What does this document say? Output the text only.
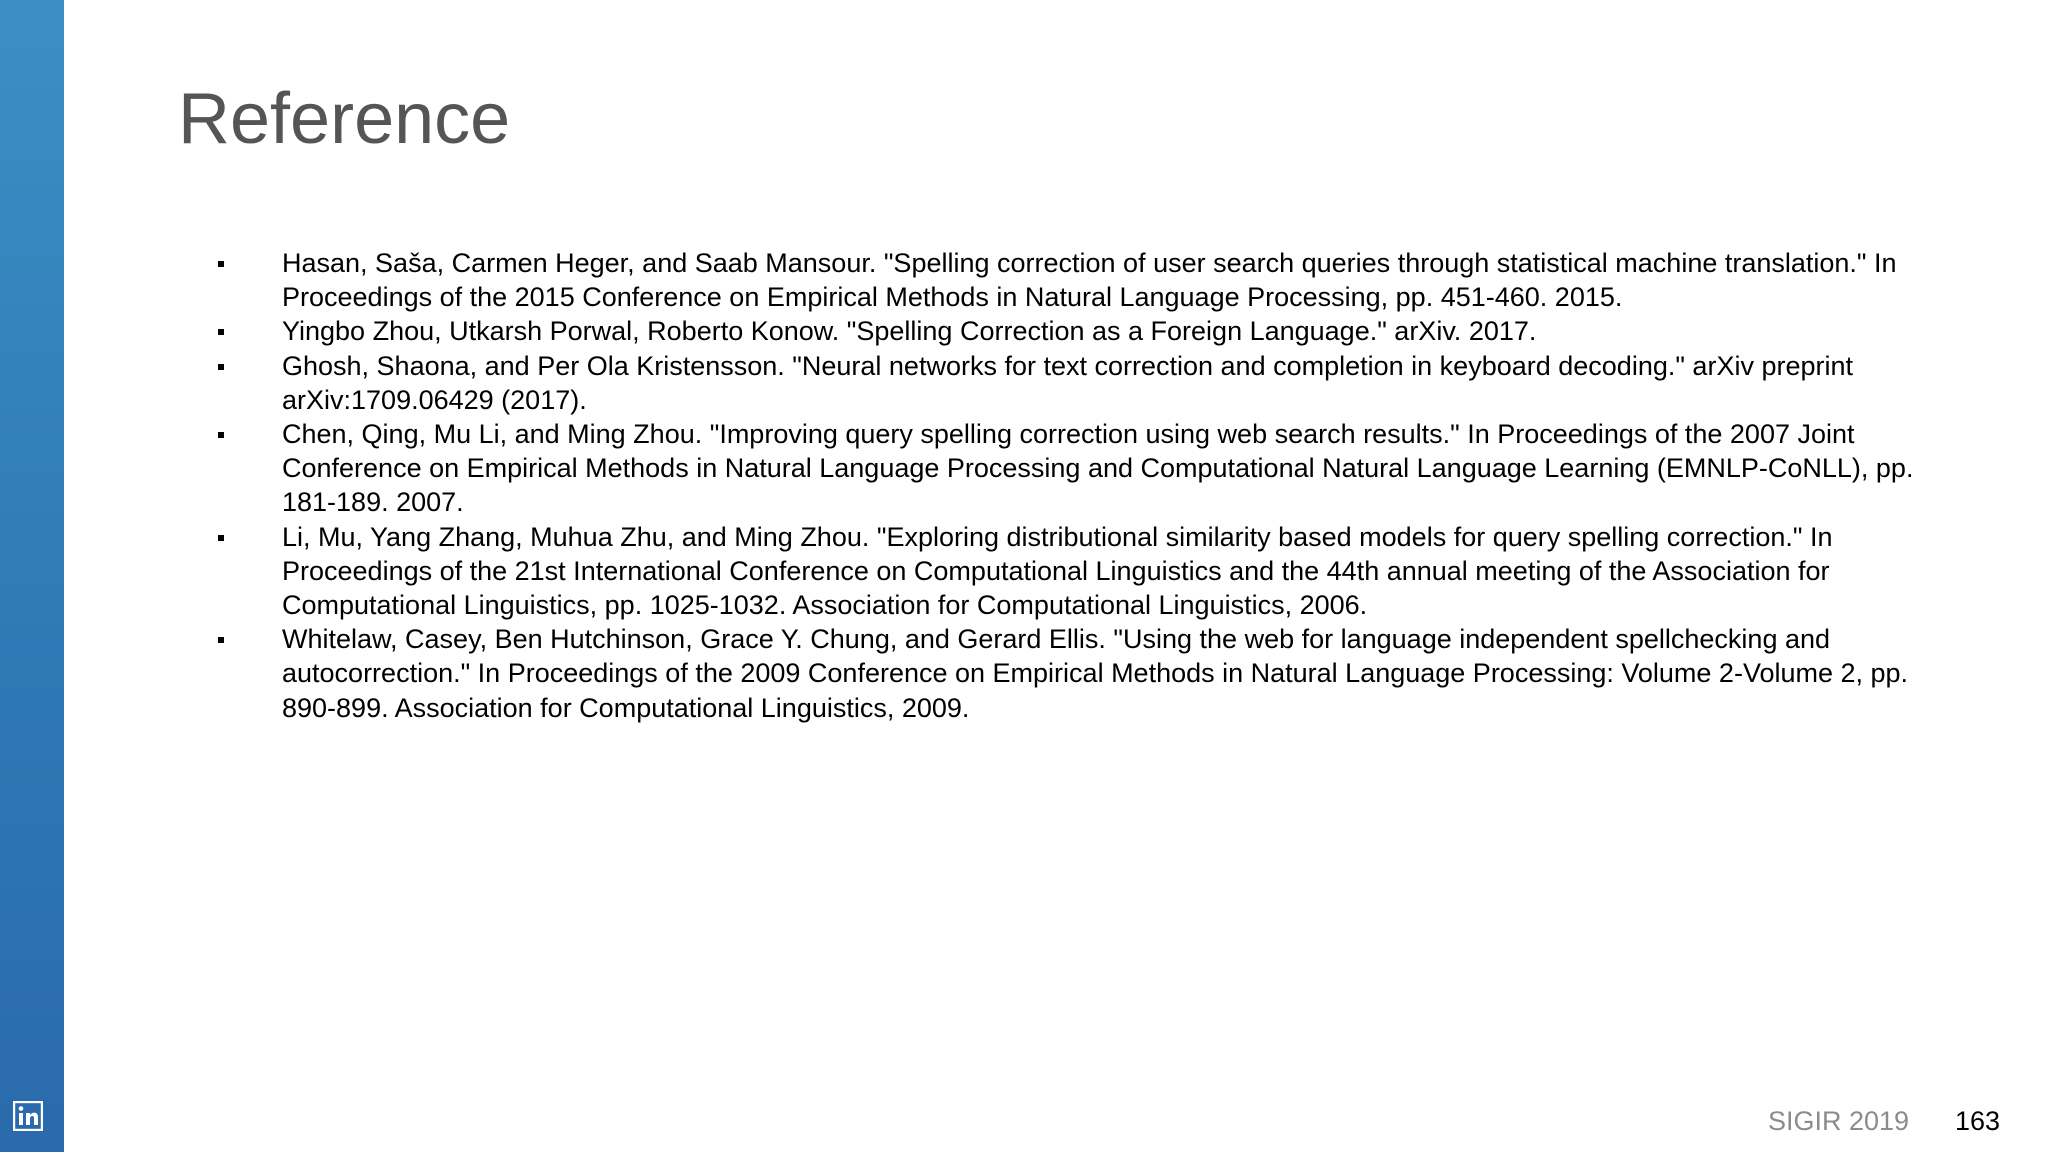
Reference
Hasan, Saša, Carmen Heger, and Saab Mansour. "Spelling correction of user search queries through statistical machine translation." In Proceedings of the 2015 Conference on Empirical Methods in Natural Language Processing, pp. 451-460. 2015.
Yingbo Zhou, Utkarsh Porwal, Roberto Konow. "Spelling Correction as a Foreign Language." arXiv. 2017.
Ghosh, Shaona, and Per Ola Kristensson. "Neural networks for text correction and completion in keyboard decoding." arXiv preprint arXiv:1709.06429 (2017).
Chen, Qing, Mu Li, and Ming Zhou. "Improving query spelling correction using web search results." In Proceedings of the 2007 Joint Conference on Empirical Methods in Natural Language Processing and Computational Natural Language Learning (EMNLP-CoNLL), pp. 181-189. 2007.
Li, Mu, Yang Zhang, Muhua Zhu, and Ming Zhou. "Exploring distributional similarity based models for query spelling correction." In Proceedings of the 21st International Conference on Computational Linguistics and the 44th annual meeting of the Association for Computational Linguistics, pp. 1025-1032. Association for Computational Linguistics, 2006.
Whitelaw, Casey, Ben Hutchinson, Grace Y. Chung, and Gerard Ellis. "Using the web for language independent spellchecking and autocorrection." In Proceedings of the 2009 Conference on Empirical Methods in Natural Language Processing: Volume 2-Volume 2, pp. 890-899. Association for Computational Linguistics, 2009.
SIGIR 2019 163
